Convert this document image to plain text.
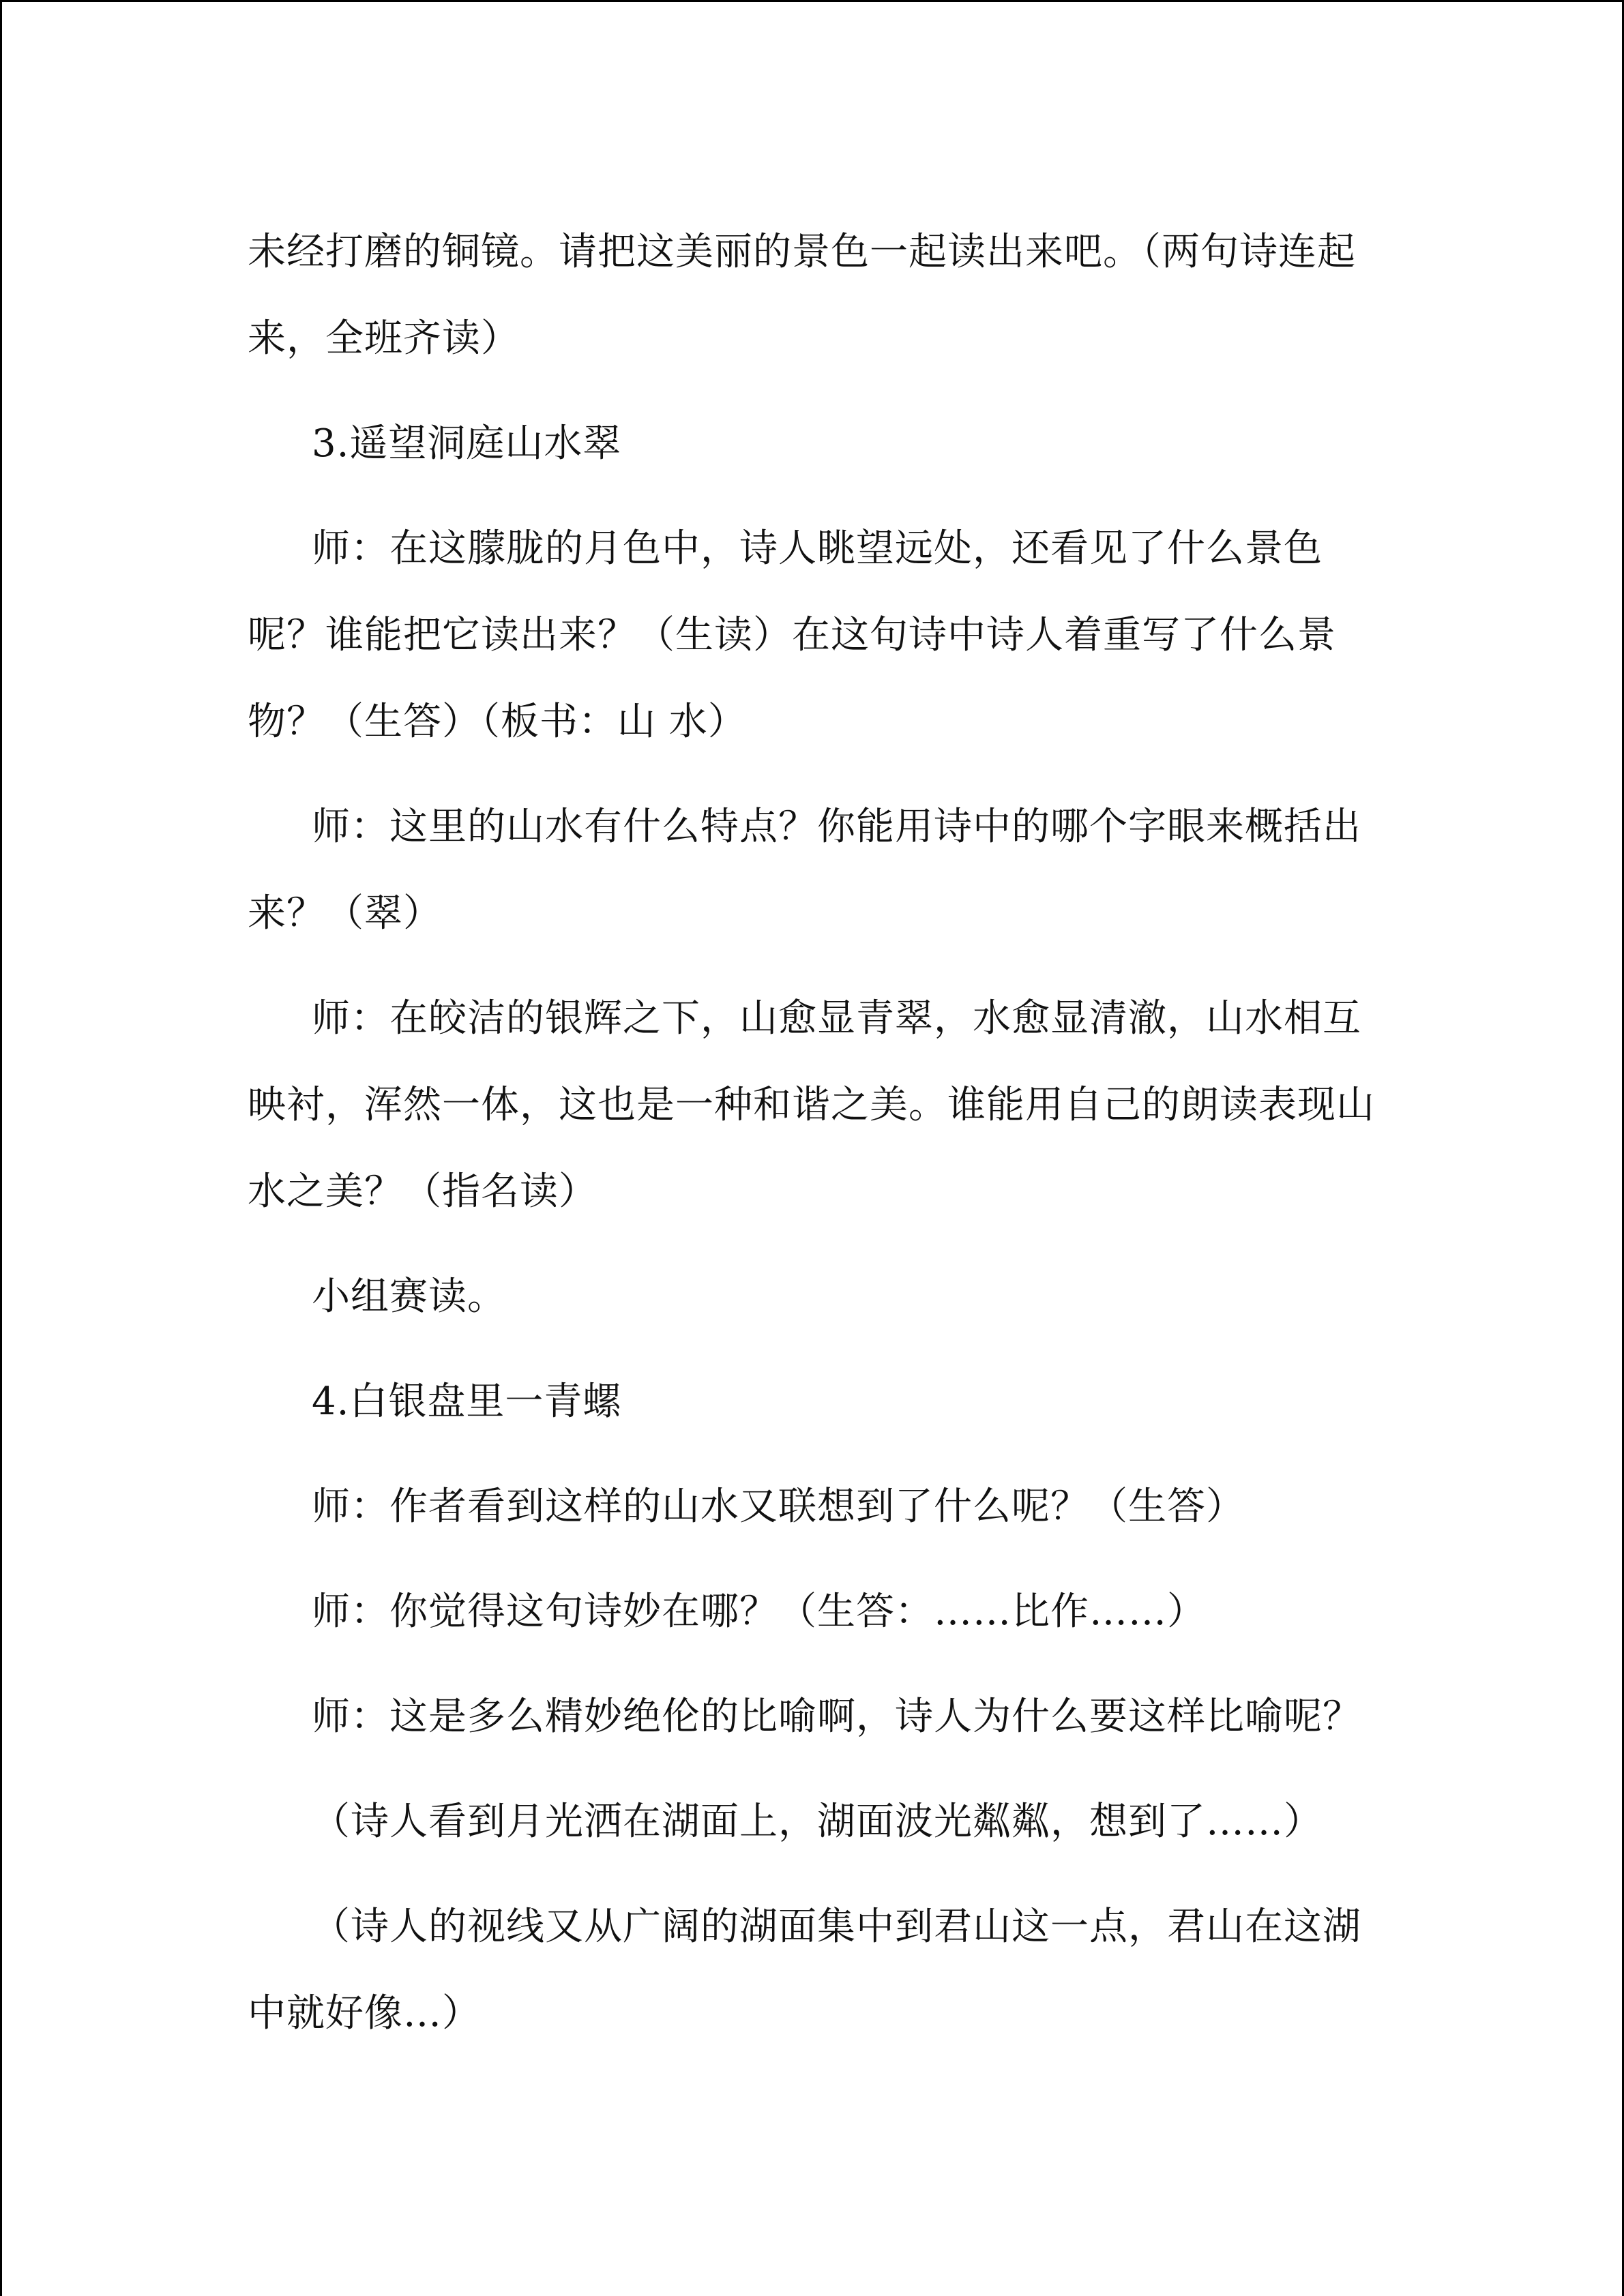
未经打磨的铜镜。请把这美丽的景色一起读出来吧。（两句诗连起来，全班齐读）

3.遥望洞庭山水翠

师：在这朦胧的月色中，诗人眺望远处，还看见了什么景色呢？谁能把它读出来？（生读）在这句诗中诗人着重写了什么景物？（生答）（板书：山 水）

师：这里的山水有什么特点？你能用诗中的哪个字眼来概括出来？（翠）

师：在皎洁的银辉之下，山愈显青翠，水愈显清澈，山水相互映衬，浑然一体，这也是一种和谐之美。谁能用自己的朗读表现山水之美？（指名读）

小组赛读。

4.白银盘里一青螺

师：作者看到这样的山水又联想到了什么呢？（生答）

师：你觉得这句诗妙在哪？（生答：……比作……）

师：这是多么精妙绝伦的比喻啊，诗人为什么要这样比喻呢？

（诗人看到月光洒在湖面上，湖面波光粼粼，想到了……）

（诗人的视线又从广阔的湖面集中到君山这一点，君山在这湖中就好像…）
